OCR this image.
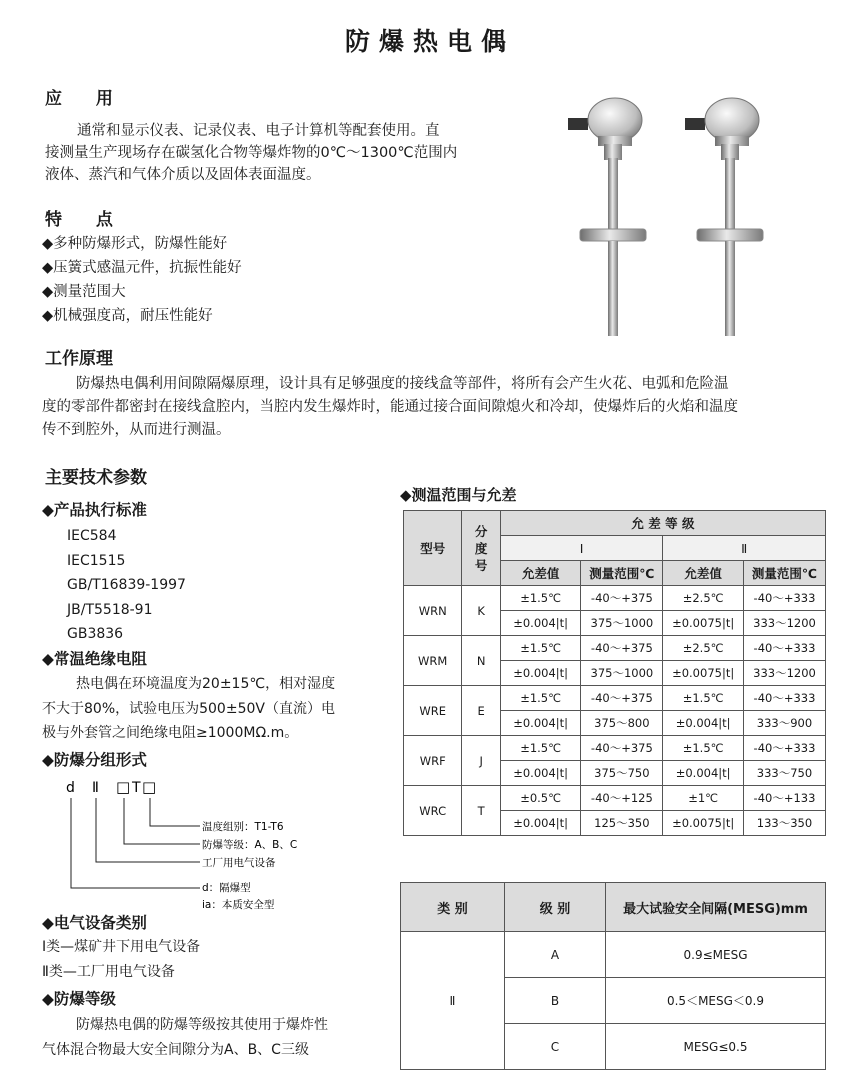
防爆热电偶
应 用
通常和显示仪表、记录仪表、电子计算机等配套使用。直
接测量生产现场存在碳氢化合物等爆炸物的0℃～1300℃范围内
液体、蒸汽和气体介质以及固体表面温度。
特 点
◆多种防爆形式，防爆性能好
◆压簧式感温元件，抗振性能好
◆测量范围大
◆机械强度高，耐压性能好
工作原理
防爆热电偶利用间隙隔爆原理，设计具有足够强度的接线盒等部件，将所有会产生火花、电弧和危险温
度的零部件都密封在接线盒腔内，当腔内发生爆炸时，能通过接合面间隙熄火和冷却，使爆炸后的火焰和温度
传不到腔外，从而进行测温。
主要技术参数
◆产品执行标准
IEC584
IEC1515
GB/T16839-1997
JB/T5518-91
GB3836
◆常温绝缘电阻
热电偶在环境温度为20±15℃，相对湿度
不大于80%，试验电压为500±50V（直流）电
极与外套管之间绝缘电阻≥1000MΩ.m。
◆防爆分组形式
d Ⅱ □ T □
温度组别：T1-T6
防爆等级：A、B、C
工厂用电气设备
d：隔爆型
ia：本质安全型
◆电气设备类别
Ⅰ类—煤矿井下用电气设备
Ⅱ类—工厂用电气设备
◆防爆等级
防爆热电偶的防爆等级按其使用于爆炸性
气体混合物最大安全间隙分为A、B、C三级
◆测温范围与允差
型号	分
度
号	允 差 等 级			
		Ⅰ		Ⅱ	
		允差值	测量范围℃	允差值	测量范围℃
WRN	K	±1.5℃	-40～+375	±2.5℃	-40～+333
		±0.004|t|	375～1000	±0.0075|t|	333～1200
WRM	N	±1.5℃	-40～+375	±2.5℃	-40～+333
		±0.004|t|	375～1000	±0.0075|t|	333～1200
WRE	E	±1.5℃	-40～+375	±1.5℃	-40～+333
		±0.004|t|	375～800	±0.004|t|	333～900
WRF	J	±1.5℃	-40～+375	±1.5℃	-40～+333
		±0.004|t|	375～750	±0.004|t|	333～750
WRC	T	±0.5℃	-40～+125	±1℃	-40～+133
		±0.004|t|	125～350	±0.0075|t|	133～350
类 别	级 别	最大试验安全间隔(MESG)mm
Ⅱ	A	0.9≤MESG
	B	0.5＜MESG＜0.9
	C	MESG≤0.5
